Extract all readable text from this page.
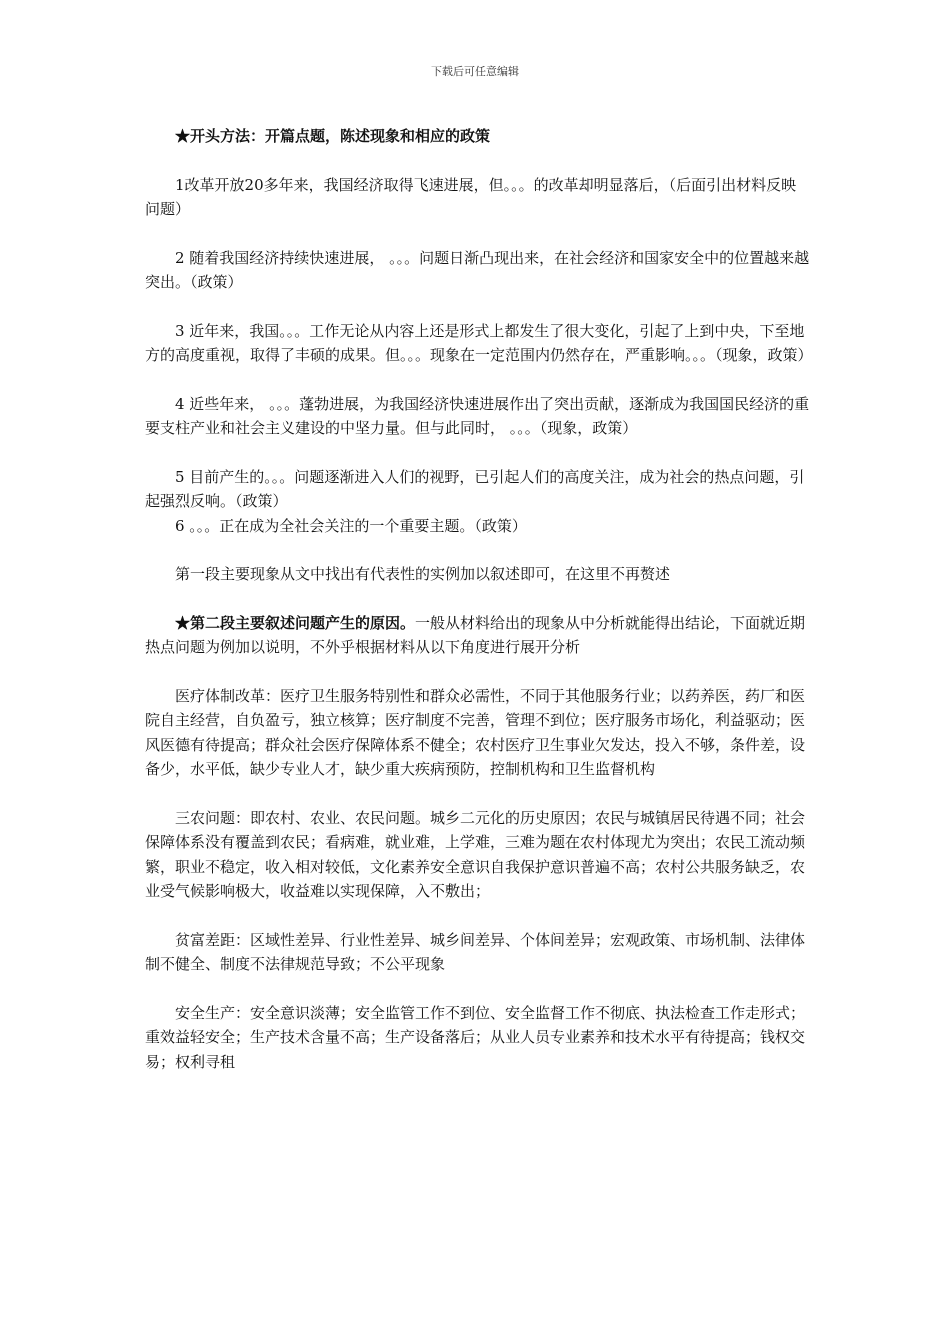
下载后可任意编辑

★开头方法：开篇点题，陈述现象和相应的政策

1改革开放20多年来，我国经济取得飞速进展，但。。。的改革却明显落后，（后面引出材料反映问题）

2 随着我国经济持续快速进展， 。。。问题日渐凸现出来，在社会经济和国家安全中的位置越来越突出。（政策）

3 近年来，我国。。。工作无论从内容上还是形式上都发生了很大变化，引起了上到中央，下至地方的高度重视，取得了丰硕的成果。但。。。现象在一定范围内仍然存在，严重影响。。。（现象，政策）

4 近些年来， 。。。蓬勃进展，为我国经济快速进展作出了突出贡献，逐渐成为我国国民经济的重要支柱产业和社会主义建设的中坚力量。但与此同时， 。。。（现象，政策）

5 目前产生的。。。问题逐渐进入人们的视野，已引起人们的高度关注，成为社会的热点问题，引起强烈反响。（政策）

6 。。。正在成为全社会关注的一个重要主题。（政策）

第一段主要现象从文中找出有代表性的实例加以叙述即可，在这里不再赘述

★第二段主要叙述问题产生的原因。一般从材料给出的现象从中分析就能得出结论，下面就近期热点问题为例加以说明，不外乎根据材料从以下角度进行展开分析

医疗体制改革：医疗卫生服务特别性和群众必需性，不同于其他服务行业；以药养医，药厂和医院自主经营，自负盈亏，独立核算；医疗制度不完善，管理不到位；医疗服务市场化，利益驱动；医风医德有待提高；群众社会医疗保障体系不健全；农村医疗卫生事业欠发达，投入不够，条件差，设备少，水平低，缺少专业人才，缺少重大疾病预防，控制机构和卫生监督机构

三农问题：即农村、农业、农民问题。城乡二元化的历史原因；农民与城镇居民待遇不同；社会保障体系没有覆盖到农民；看病难，就业难，上学难，三难为题在农村体现尤为突出；农民工流动频繁，职业不稳定，收入相对较低，文化素养安全意识自我保护意识普遍不高；农村公共服务缺乏，农业受气候影响极大，收益难以实现保障，入不敷出；

贫富差距：区域性差异、行业性差异、城乡间差异、个体间差异；宏观政策、市场机制、法律体制不健全、制度不法律规范导致；不公平现象

安全生产：安全意识淡薄；安全监管工作不到位、安全监督工作不彻底、执法检查工作走形式；重效益轻安全；生产技术含量不高；生产设备落后；从业人员专业素养和技术水平有待提高；钱权交易；权利寻租
